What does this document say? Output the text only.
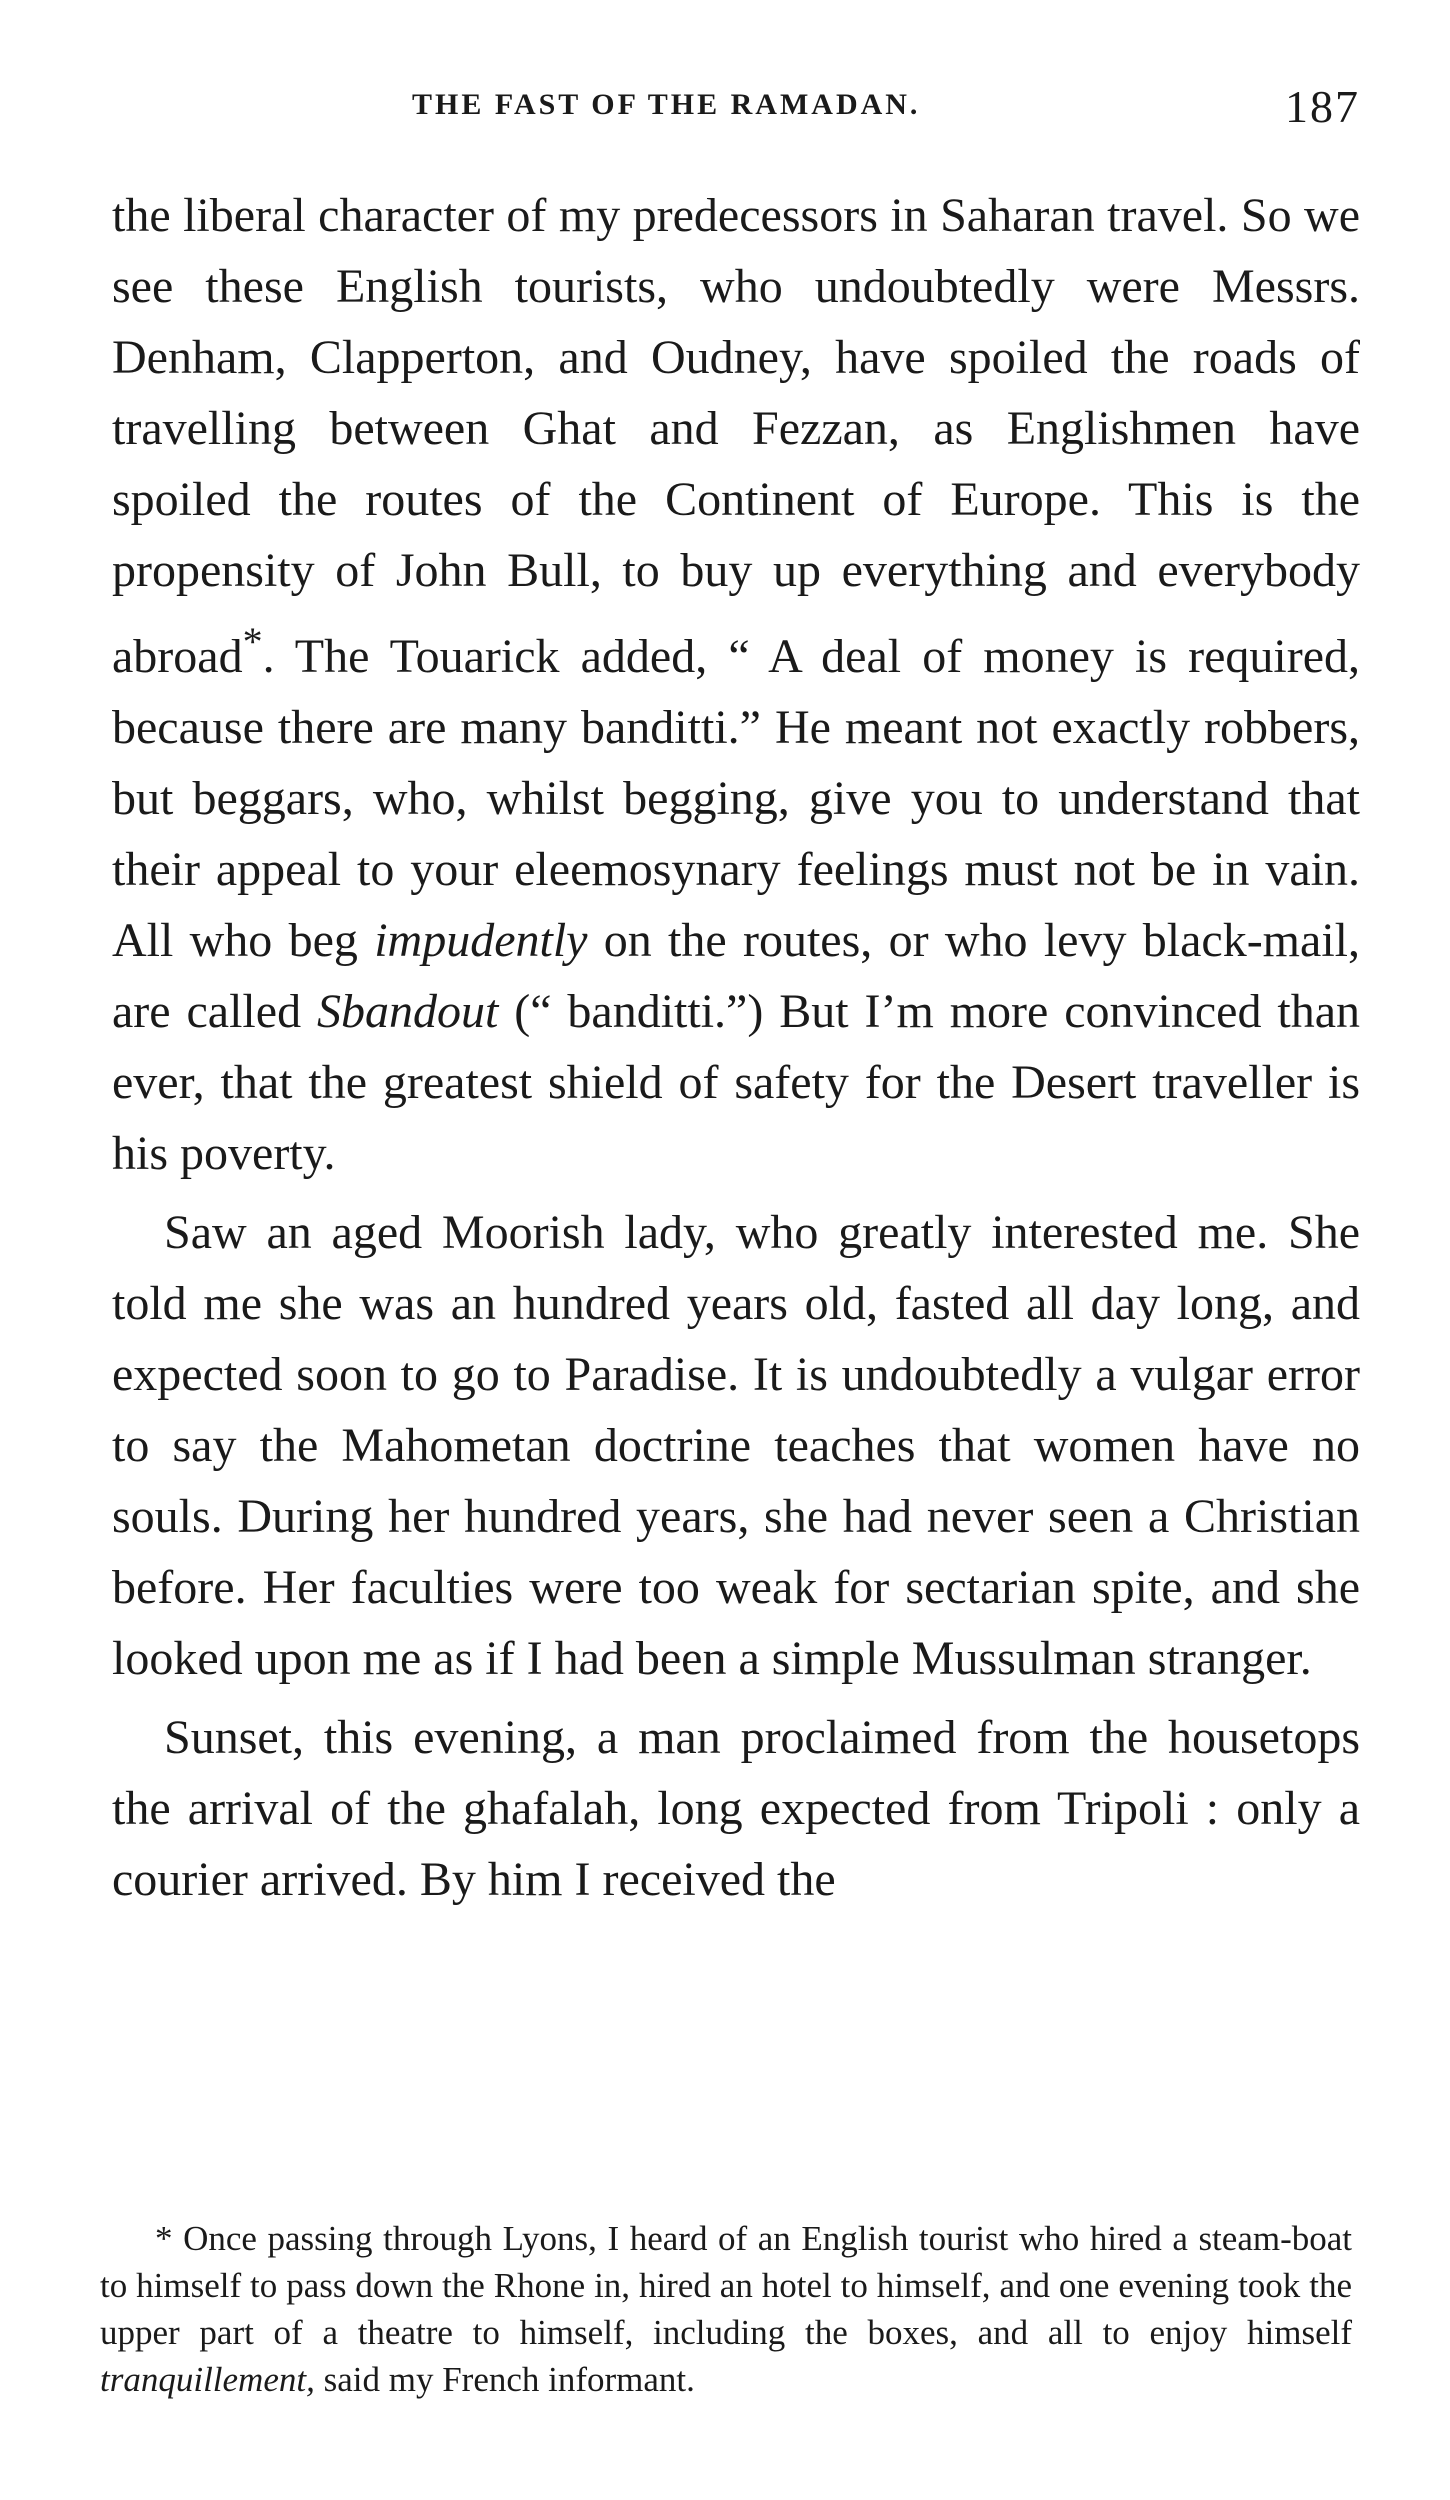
THE FAST OF THE RAMADAN.	187

the liberal character of my predecessors in Saharan travel. So we see these English tourists, who undoubtedly were Messrs. Denham, Clapperton, and Oudney, have spoiled the roads of travelling between Ghat and Fezzan, as Englishmen have spoiled the routes of the Continent of Europe. This is the propensity of John Bull, to buy up everything and everybody abroad*. The Touarick added, “ A deal of money is required, because there are many banditti.” He meant not exactly robbers, but beggars, who, whilst begging, give you to understand that their appeal to your eleemosynary feelings must not be in vain. All who beg impudently on the routes, or who levy black-mail, are called Sbandout (“ banditti.”) But I’m more convinced than ever, that the greatest shield of safety for the Desert traveller is his poverty.

Saw an aged Moorish lady, who greatly interested me. She told me she was an hundred years old, fasted all day long, and expected soon to go to Paradise. It is undoubtedly a vulgar error to say the Mahometan doctrine teaches that women have no souls. During her hundred years, she had never seen a Christian before. Her faculties were too weak for sectarian spite, and she looked upon me as if I had been a simple Mussulman stranger.

Sunset, this evening, a man proclaimed from the housetops the arrival of the ghafalah, long expected from Tripoli : only a courier arrived. By him I received the

* Once passing through Lyons, I heard of an English tourist who hired a steam-boat to himself to pass down the Rhone in, hired an hotel to himself, and one evening took the upper part of a theatre to himself, including the boxes, and all to enjoy himself tranquillement, said my French informant.
